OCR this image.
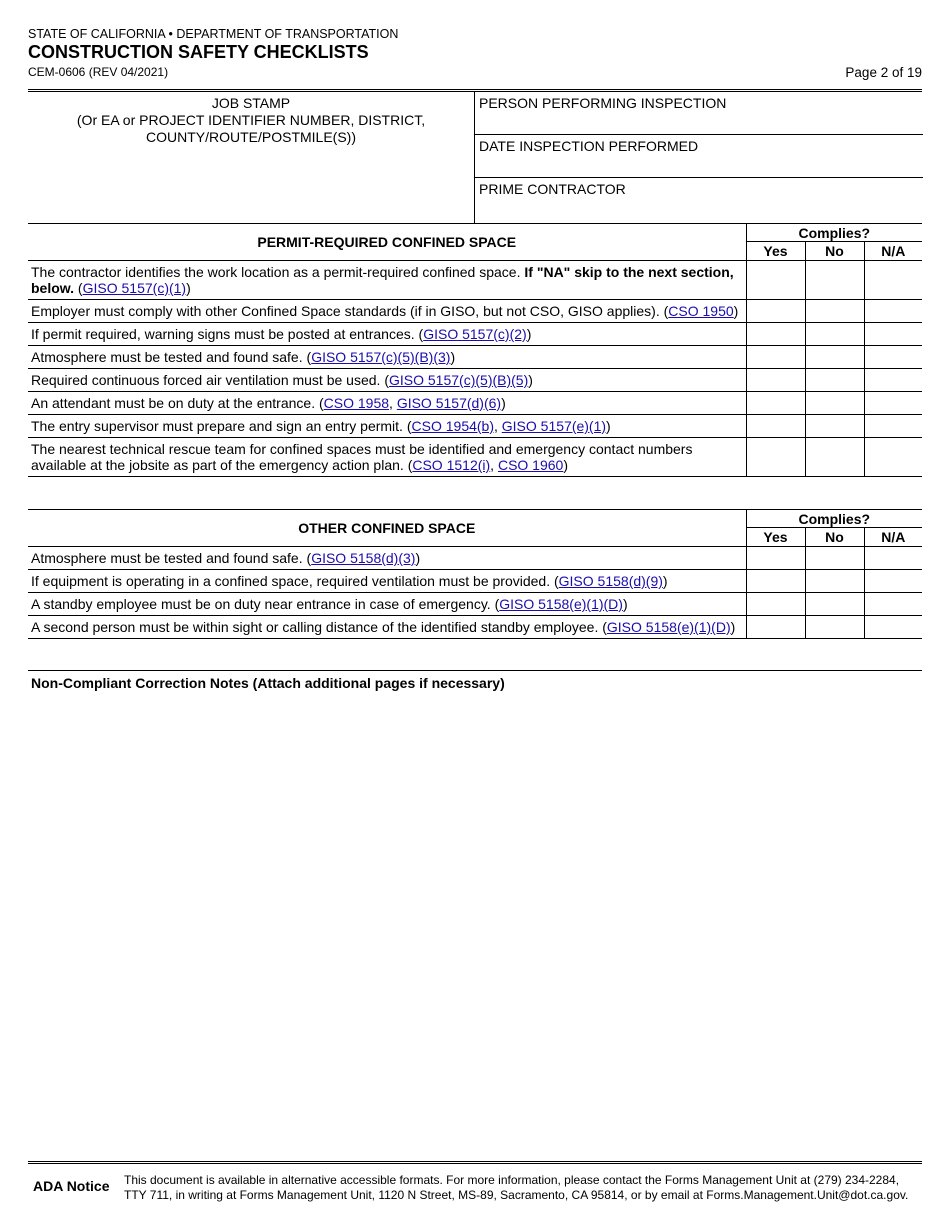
STATE OF CALIFORNIA • DEPARTMENT OF TRANSPORTATION
CONSTRUCTION SAFETY CHECKLISTS
CEM-0606 (REV 04/2021)	Page 2 of 19
JOB STAMP
(Or EA or PROJECT IDENTIFIER NUMBER, DISTRICT,
COUNTY/ROUTE/POSTMILE(S))
PERSON PERFORMING INSPECTION
DATE INSPECTION PERFORMED
PRIME CONTRACTOR
PERMIT-REQUIRED CONFINED SPACE	Complies?		
	Yes	No	N/A
The contractor identifies the work location as a permit-required confined space. If "NA" skip to the next section, below. (GISO 5157(c)(1))			
Employer must comply with other Confined Space standards (if in GISO, but not CSO, GISO applies). (CSO 1950)			
If permit required, warning signs must be posted at entrances. (GISO 5157(c)(2))			
Atmosphere must be tested and found safe. (GISO 5157(c)(5)(B)(3))			
Required continuous forced air ventilation must be used. (GISO 5157(c)(5)(B)(5))			
An attendant must be on duty at the entrance. (CSO 1958, GISO 5157(d)(6))			
The entry supervisor must prepare and sign an entry permit. (CSO 1954(b), GISO 5157(e)(1))			
The nearest technical rescue team for confined spaces must be identified and emergency contact numbers available at the jobsite as part of the emergency action plan. (CSO 1512(i), CSO 1960)			
OTHER CONFINED SPACE	Complies?		
	Yes	No	N/A
Atmosphere must be tested and found safe. (GISO 5158(d)(3))			
If equipment is operating in a confined space, required ventilation must be provided. (GISO 5158(d)(9))			
A standby employee must be on duty near entrance in case of emergency. (GISO 5158(e)(1)(D))			
A second person must be within sight or calling distance of the identified standby employee. (GISO 5158(e)(1)(D))			
Non-Compliant Correction Notes (Attach additional pages if necessary)
ADA Notice This document is available in alternative accessible formats. For more information, please contact the Forms Management Unit at (279) 234-2284, TTY 711, in writing at Forms Management Unit, 1120 N Street, MS-89, Sacramento, CA 95814, or by email at Forms.Management.Unit@dot.ca.gov.
